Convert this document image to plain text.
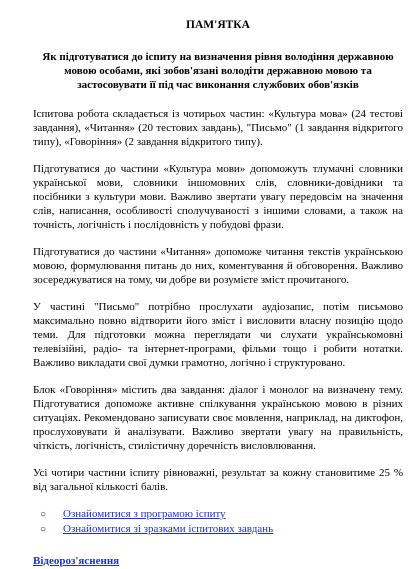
ПАМ'ЯТКА
Як підготуватися до іспиту на визначення рівня володіння державною мовою особами, які зобов'язані володіти державною мовою та застосовувати її під час виконання службових обов'язків

Іспитова робота складається із чотирьох частин: «Культура мова» (24 тестові завдання), «Читання» (20 тестових завдань), "Письмо" (1 завдання відкритого типу), «Говоріння» (2 завдання відкритого типу).

Підготуватися до частини «Культура мови» допоможуть тлумачні словники української мови, словники іншомовних слів, словники-довідники та посібники з культури мови. Важливо звертати увагу передовсім на значення слів, написання, особливості сполучуваності з іншими словами, а також на точність, логічність і послідовність у побудові фрази.

Підготуватися до частини «Читання» допоможе читання текстів українською мовою, формулювання питань до них, коментування й обговорення. Важливо зосереджуватися на тому, чи добре ви розумієте зміст прочитаного.

У частині "Письмо" потрібно прослухати аудіозапис, потім письмово максимально повно відтворити його зміст і висловити власну позицію щодо теми. Для підготовки можна переглядати чи слухати українськомовні телевізійні, радіо- та інтернет-програми, фільми тощо і робити нотатки. Важливо викладати свої думки грамотно, логічно і структуровано.

Блок «Говоріння» містить два завдання: діалог і монолог на визначену тему. Підготуватися допоможе активне спілкування українською мовою в різних ситуаціях. Рекомендовано записувати своє мовлення, наприклад, на диктофон, прослуховувати й аналізувати. Важливо звертати увагу на правильність, чіткість, логічність, стилістичну доречність висловлювання.

Усі чотири частини іспиту рівноважні, результат за кожну становитиме 25 % від загальної кількості балів.

○ Ознайомитися з програмою іспиту
○ Ознайомитися зі зразками іспитових завдань
Відеороз'яснення
